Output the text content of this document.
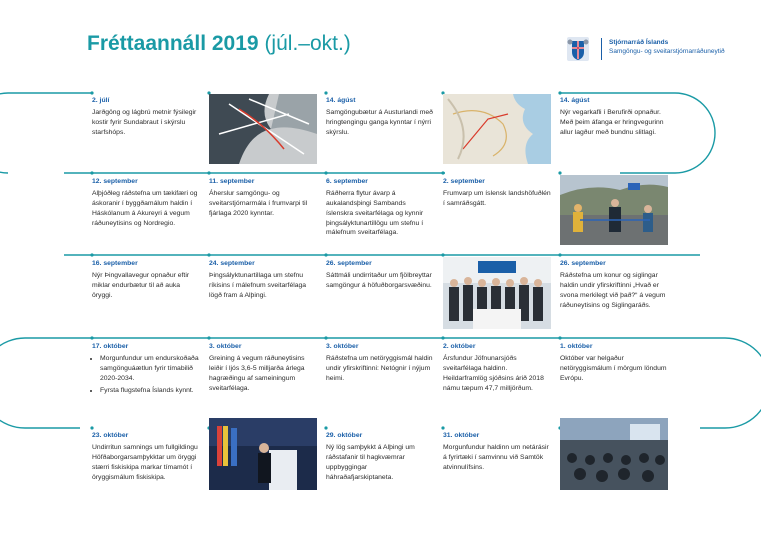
Fréttaannáll 2019 (júl.–okt.)	Stjórnarráð Íslands
Samgöngu- og sveitarstjórnarráðuneytið
2. júlí
Jarðgöng og lágbrú metnir fýsilegir kostir fyrir Sundabraut í skýrslu starfshóps.
14. ágúst
Samgöngubætur á Austurlandi með hringtengingu ganga kynntar í nýrri skýrslu.
14. ágúst
Nýr vegarkafli í Berufirði opnaður. Með þeim áfanga er hringvegurinn allur lagður með bundnu slitlagi.
12. september
Alþjóðleg ráðstefna um tækifæri og áskoranir í byggðamálum haldin í Háskólanum á Akureyri á vegum ráðuneytisins og Nordregio.
11. september
Áherslur samgöngu- og sveitarstjórnarmála í frumvarpi til fjárlaga 2020 kynntar.
6. september
Ráðherra flytur ávarp á aukalandsþingi Sambands íslenskra sveitarfélaga og kynnir þingsályktunartillögu um stefnu í málefnum sveitarfélaga.
2. september
Frumvarp um íslensk landshöfuðlén í samráðsgátt.
16. september
Nýr Þingvallavegur opnaður eftir miklar endurbætur til að auka öryggi.
24. september
Þingsályktunartillaga um stefnu ríkisins í málefnum sveitarfélaga lögð fram á Alþingi.
26. september
Sáttmáli undirritaður um fjölbreyttar samgöngur á höfuðborgarsvæðinu.
26. september
Ráðstefna um konur og siglingar haldin undir yfirskriftinni „Hvað er svona merkilegt við það?“ á vegum ráðuneytisins og Siglingaráðs.
17. október
• Morgunfundur um endurskoðaða samgönguáætlun fyrir tímabilið 2020-2034.
• Fyrsta flugstefna Íslands kynnt.
3. október
Greining á vegum ráðuneytisins leiðir í ljós 3,6-5 milljarða árlega hagræðingu af sameiningum sveitarfélaga.
3. október
Ráðstefna um netöryggismál haldin undir yfirskriftinni: Netógnir í nýjum heimi.
2. október
Ársfundur Jöfnunarsjóðs sveitarfélaga haldinn. Heildarframlög sjóðsins árið 2018 námu tæpum 47,7 milljörðum.
1. október
Október var helgaður netöryggismálum í mörgum löndum Evrópu.
23. október
Undirritun samnings um fullgildingu Höfðaborgarsamþykktar um öryggi stærri fiskiskipa markar tímamót í öryggismálum fiskiskipa.
29. október
Ný lög samþykkt á Alþingi um ráðstafanir til hagkvæmrar uppbyggingar háhraðafjarskiptaneta.
31. október
Morgunfundur haldinn um netárásir á fyrirtæki í samvinnu við Samtök atvinnulífsins.
